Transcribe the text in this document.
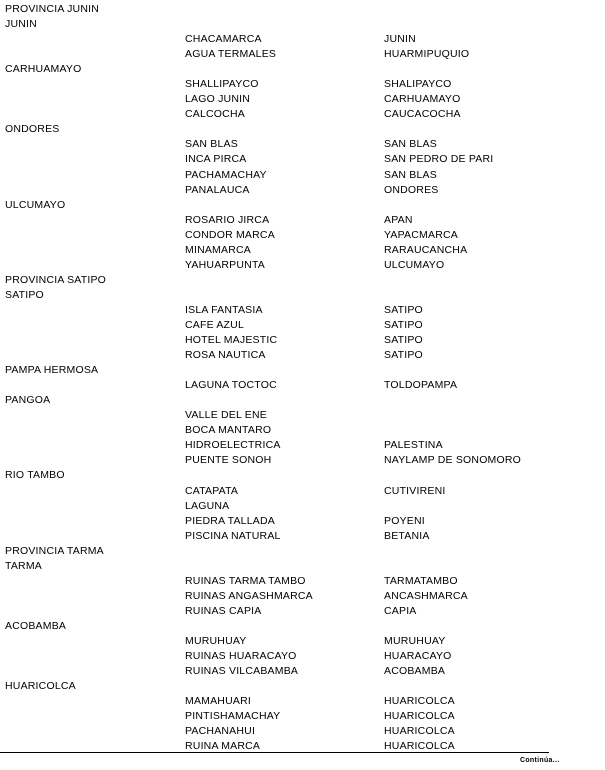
PROVINCIA JUNIN
JUNIN
CHACAMARCA	JUNIN
AGUA TERMALES	HUARMIPUQUIO
CARHUAMAYO
SHALLIPAYCO	SHALIPAYCO
LAGO JUNIN	CARHUAMAYO
CALCOCHA	CAUCACOCHA
ONDORES
SAN BLAS	SAN BLAS
INCA PIRCA	SAN PEDRO DE PARI
PACHAMACHAY	SAN BLAS
PANALAUCA	ONDORES
ULCUMAYO
ROSARIO JIRCA	APAN
CONDOR MARCA	YAPACMARCA
MINAMARCA	RARAUCANCHA
YAHUARPUNTA	ULCUMAYO
PROVINCIA SATIPO
SATIPO
ISLA FANTASIA	SATIPO
CAFE AZUL	SATIPO
HOTEL MAJESTIC	SATIPO
ROSA NAUTICA	SATIPO
PAMPA HERMOSA
LAGUNA TOCTOC	TOLDOPAMPA
PANGOA
VALLE DEL ENE
BOCA MANTARO
HIDROELECTRICA	PALESTINA
PUENTE SONOH	NAYLAMP DE SONOMORO
RIO TAMBO
CATAPATA	CUTIVIRENI
LAGUNA
PIEDRA TALLADA	POYENI
PISCINA NATURAL	BETANIA
PROVINCIA TARMA
TARMA
RUINAS TARMA TAMBO	TARMATAMBO
RUINAS ANGASHMARCA	ANCASHMARCA
RUINAS CAPIA	CAPIA
ACOBAMBA
MURUHUAY	MURUHUAY
RUINAS HUARACAYO	HUARACAYO
RUINAS VILCABAMBA	ACOBAMBA
HUARICOLCA
MAMAHUARI	HUARICOLCA
PINTISHAMACHAY	HUARICOLCA
PACHANAHUI	HUARICOLCA
RUINA MARCA	HUARICOLCA
Continúa...
